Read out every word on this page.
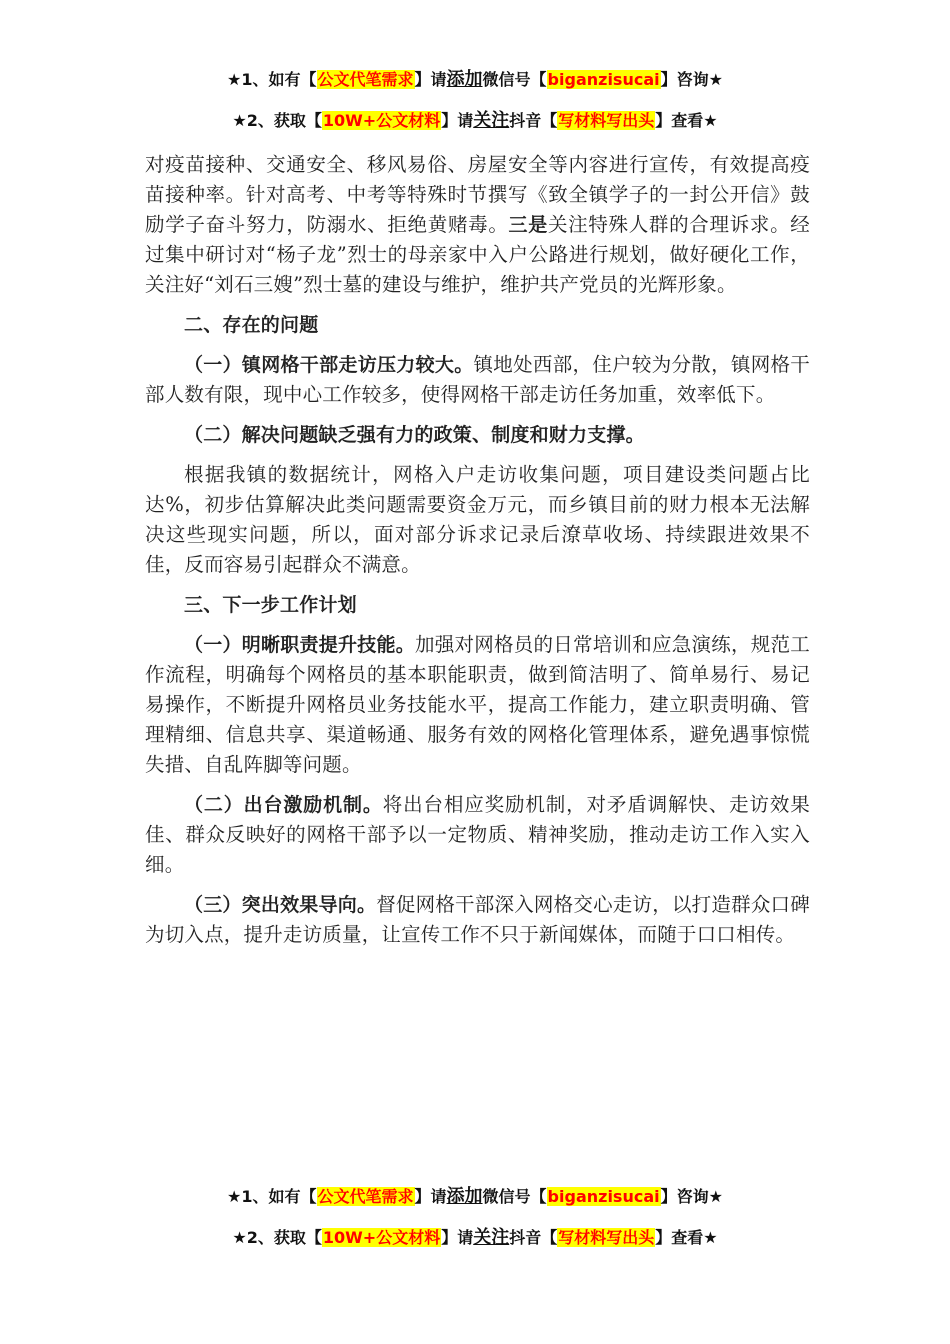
★1、如有【公文代笔需求】请添加微信号【biganzisucai】咨询★
★2、获取【10W+公文材料】请关注抖音【写材料写出头】查看★

对疫苗接种、交通安全、移风易俗、房屋安全等内容进行宣传，有效提高疫苗接种率。针对高考、中考等特殊时节撰写《致全镇学子的一封公开信》鼓励学子奋斗努力，防溺水、拒绝黄赌毒。三是关注特殊人群的合理诉求。经过集中研讨对“杨子龙”烈士的母亲家中入户公路进行规划，做好硬化工作，关注好“刘石三嫂”烈士墓的建设与维护，维护共产党员的光辉形象。

二、存在的问题

（一）镇网格干部走访压力较大。镇地处西部，住户较为分散，镇网格干部人数有限，现中心工作较多，使得网格干部走访任务加重，效率低下。

（二）解决问题缺乏强有力的政策、制度和财力支撑。

根据我镇的数据统计，网格入户走访收集问题，项目建设类问题占比达%，初步估算解决此类问题需要资金万元，而乡镇目前的财力根本无法解决这些现实问题，所以，面对部分诉求记录后潦草收场、持续跟进效果不佳，反而容易引起群众不满意。

三、下一步工作计划

（一）明晰职责提升技能。加强对网格员的日常培训和应急演练，规范工作流程，明确每个网格员的基本职能职责，做到简洁明了、简单易行、易记易操作，不断提升网格员业务技能水平，提高工作能力，建立职责明确、管理精细、信息共享、渠道畅通、服务有效的网格化管理体系，避免遇事惊慌失措、自乱阵脚等问题。

（二）出台激励机制。将出台相应奖励机制，对矛盾调解快、走访效果佳、群众反映好的网格干部予以一定物质、精神奖励，推动走访工作入实入细。

（三）突出效果导向。督促网格干部深入网格交心走访，以打造群众口碑为切入点，提升走访质量，让宣传工作不只于新闻媒体，而随于口口相传。

★1、如有【公文代笔需求】请添加微信号【biganzisucai】咨询★
★2、获取【10W+公文材料】请关注抖音【写材料写出头】查看★
